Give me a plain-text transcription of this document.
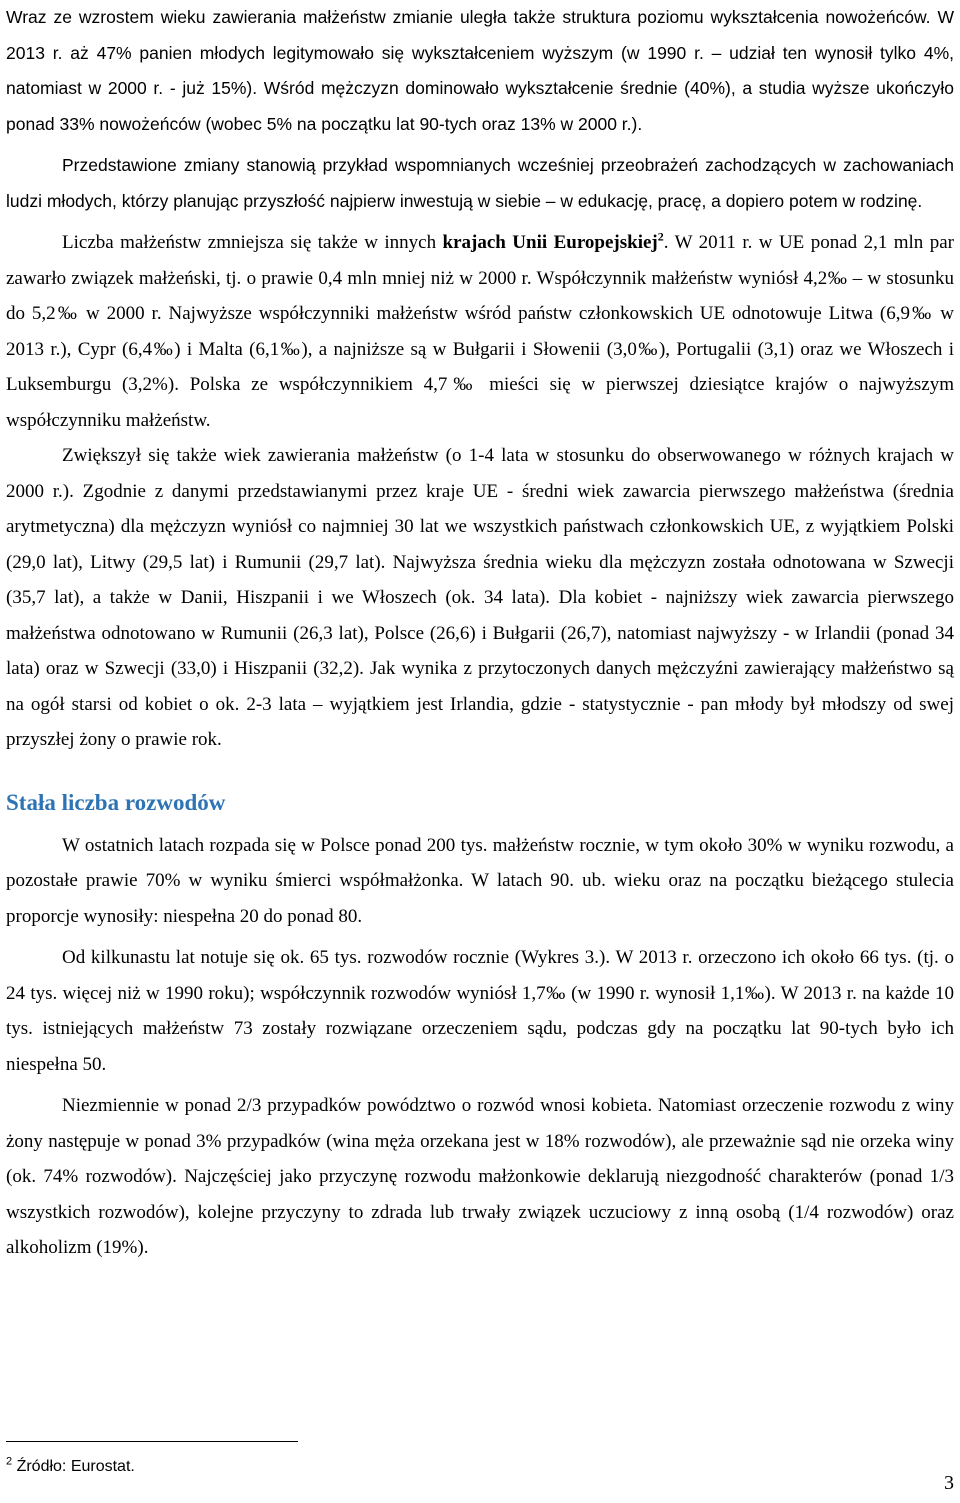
Wraz ze wzrostem wieku zawierania małżeństw zmianie uległa także struktura poziomu wykształcenia nowożeńców. W 2013 r. aż 47% panien młodych legitymowało się wykształceniem wyższym (w 1990 r. – udział ten wynosił tylko 4%, natomiast w 2000 r. - już 15%). Wśród mężczyzn dominowało wykształcenie średnie (40%), a studia wyższe ukończyło ponad 33% nowożeńców (wobec 5% na początku lat 90-tych oraz 13% w 2000 r.).

Przedstawione zmiany stanowią przykład wspomnianych wcześniej przeobrażeń zachodzących w zachowaniach ludzi młodych, którzy planując przyszłość najpierw inwestują w siebie – w edukację, pracę, a dopiero potem w rodzinę.

Liczba małżeństw zmniejsza się także w innych krajach Unii Europejskiej$^2$. W 2011 r. w UE ponad 2,1 mln par zawarło związek małżeński, tj. o prawie 0,4 mln mniej niż w 2000 r. Współczynnik małżeństw wyniósł 4,2‰ – w stosunku do 5,2‰ w 2000 r. Najwyższe współczynniki małżeństw wśród państw członkowskich UE odnotowuje Litwa (6,9‰ w 2013 r.), Cypr (6,4‰) i Malta (6,1‰), a najniższe są w Bułgarii i Słowenii (3,0‰), Portugalii (3,1) oraz we Włoszech i Luksemburgu (3,2%). Polska ze współczynnikiem 4,7‰ mieści się w pierwszej dziesiątce krajów o najwyższym współczynniku małżeństw.

Zwiększył się także wiek zawierania małżeństw (o 1-4 lata w stosunku do obserwowanego w różnych krajach w 2000 r.). Zgodnie z danymi przedstawianymi przez kraje UE - średni wiek zawarcia pierwszego małżeństwa (średnia arytmetyczna) dla mężczyzn wyniósł co najmniej 30 lat we wszystkich państwach członkowskich UE, z wyjątkiem Polski (29,0 lat), Litwy (29,5 lat) i Rumunii (29,7 lat). Najwyższa średnia wieku dla mężczyzn została odnotowana w Szwecji (35,7 lat), a także w Danii, Hiszpanii i we Włoszech (ok. 34 lata). Dla kobiet - najniższy wiek zawarcia pierwszego małżeństwa odnotowano w Rumunii (26,3 lat), Polsce (26,6) i Bułgarii (26,7), natomiast najwyższy - w Irlandii (ponad 34 lata) oraz w Szwecji (33,0) i Hiszpanii (32,2). Jak wynika z przytoczonych danych mężczyźni zawierający małżeństwo są na ogół starsi od kobiet o ok. 2-3 lata – wyjątkiem jest Irlandia, gdzie - statystycznie - pan młody był młodszy od swej przyszłej żony o prawie rok.

Stała liczba rozwodów

W ostatnich latach rozpada się w Polsce ponad 200 tys. małżeństw rocznie, w tym około 30% w wyniku rozwodu, a pozostałe prawie 70% w wyniku śmierci współmałżonka. W latach 90. ub. wieku oraz na początku bieżącego stulecia proporcje wynosiły: niespełna 20 do ponad 80.

Od kilkunastu lat notuje się ok. 65 tys. rozwodów rocznie (Wykres 3.). W 2013 r. orzeczono ich około 66 tys. (tj. o 24 tys. więcej niż w 1990 roku); współczynnik rozwodów wyniósł 1,7‰ (w 1990 r. wynosił 1,1‰). W 2013 r. na każde 10 tys. istniejących małżeństw 73 zostały rozwiązane orzeczeniem sądu, podczas gdy na początku lat 90-tych było ich niespełna 50.

Niezmiennie w ponad 2/3 przypadków powództwo o rozwód wnosi kobieta. Natomiast orzeczenie rozwodu z winy żony następuje w ponad 3% przypadków (wina męża orzekana jest w 18% rozwodów), ale przeważnie sąd nie orzeka winy (ok. 74% rozwodów). Najczęściej jako przyczynę rozwodu małżonkowie deklarują niezgodność charakterów (ponad 1/3 wszystkich rozwodów), kolejne przyczyny to zdrada lub trwały związek uczuciowy z inną osobą (1/4 rozwodów) oraz alkoholizm (19%).

$^2$ Źródło: Eurostat.
3
